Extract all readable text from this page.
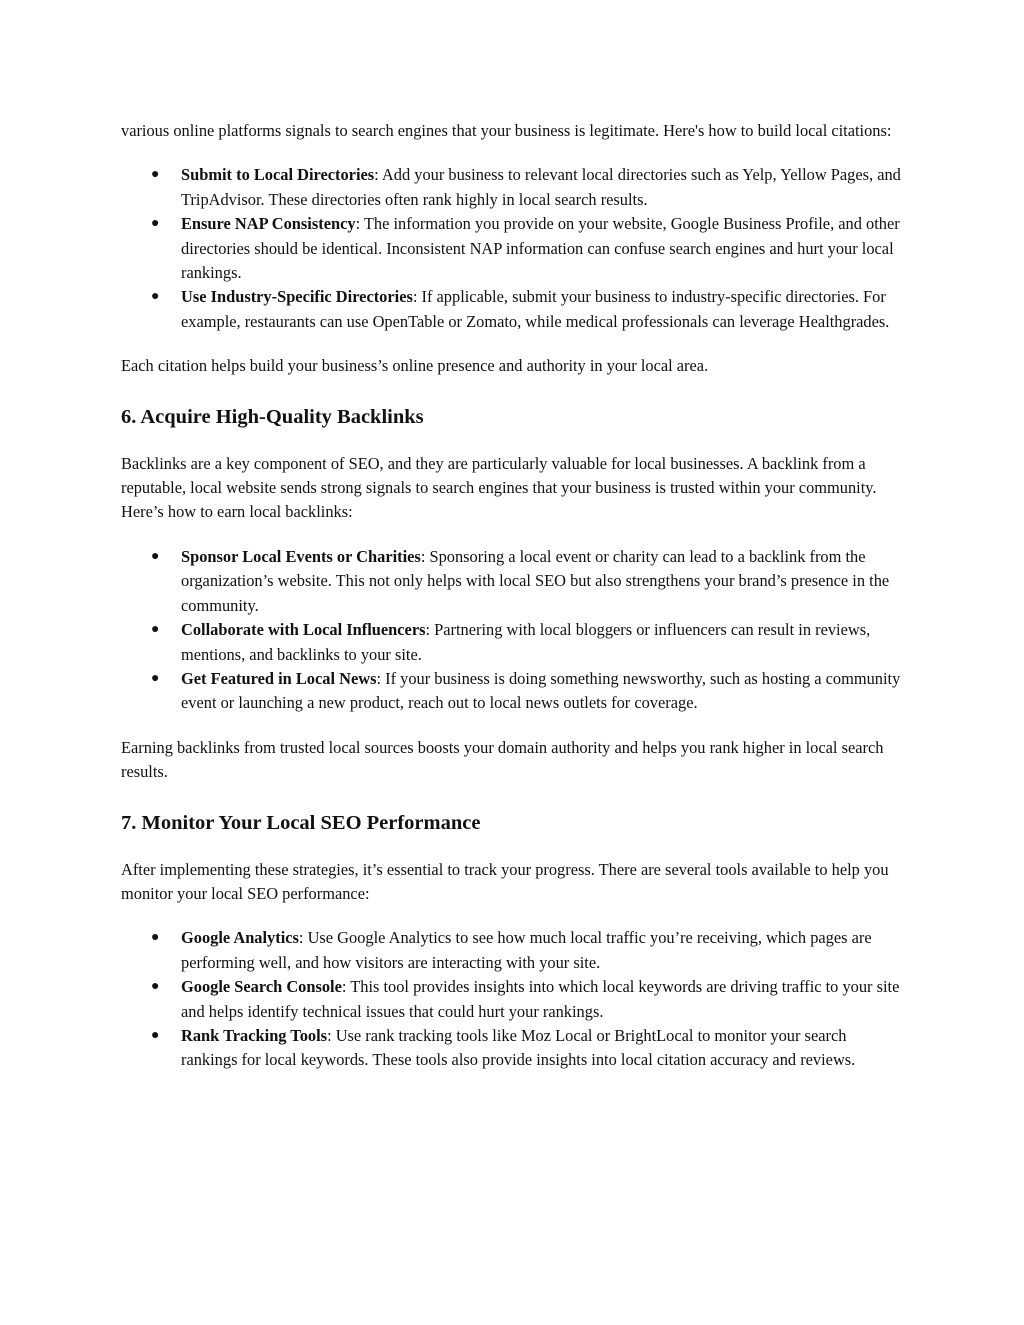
various online platforms signals to search engines that your business is legitimate. Here's how to build local citations:

● Submit to Local Directories: Add your business to relevant local directories such as Yelp, Yellow Pages, and TripAdvisor. These directories often rank highly in local search results.
● Ensure NAP Consistency: The information you provide on your website, Google Business Profile, and other directories should be identical. Inconsistent NAP information can confuse search engines and hurt your local rankings.
● Use Industry-Specific Directories: If applicable, submit your business to industry-specific directories. For example, restaurants can use OpenTable or Zomato, while medical professionals can leverage Healthgrades.

Each citation helps build your business’s online presence and authority in your local area.

6. Acquire High-Quality Backlinks

Backlinks are a key component of SEO, and they are particularly valuable for local businesses. A backlink from a reputable, local website sends strong signals to search engines that your business is trusted within your community. Here’s how to earn local backlinks:

● Sponsor Local Events or Charities: Sponsoring a local event or charity can lead to a backlink from the organization’s website. This not only helps with local SEO but also strengthens your brand’s presence in the community.
● Collaborate with Local Influencers: Partnering with local bloggers or influencers can result in reviews, mentions, and backlinks to your site.
● Get Featured in Local News: If your business is doing something newsworthy, such as hosting a community event or launching a new product, reach out to local news outlets for coverage.

Earning backlinks from trusted local sources boosts your domain authority and helps you rank higher in local search results.

7. Monitor Your Local SEO Performance

After implementing these strategies, it’s essential to track your progress. There are several tools available to help you monitor your local SEO performance:

● Google Analytics: Use Google Analytics to see how much local traffic you’re receiving, which pages are performing well, and how visitors are interacting with your site.
● Google Search Console: This tool provides insights into which local keywords are driving traffic to your site and helps identify technical issues that could hurt your rankings.
● Rank Tracking Tools: Use rank tracking tools like Moz Local or BrightLocal to monitor your search rankings for local keywords. These tools also provide insights into local citation accuracy and reviews.
